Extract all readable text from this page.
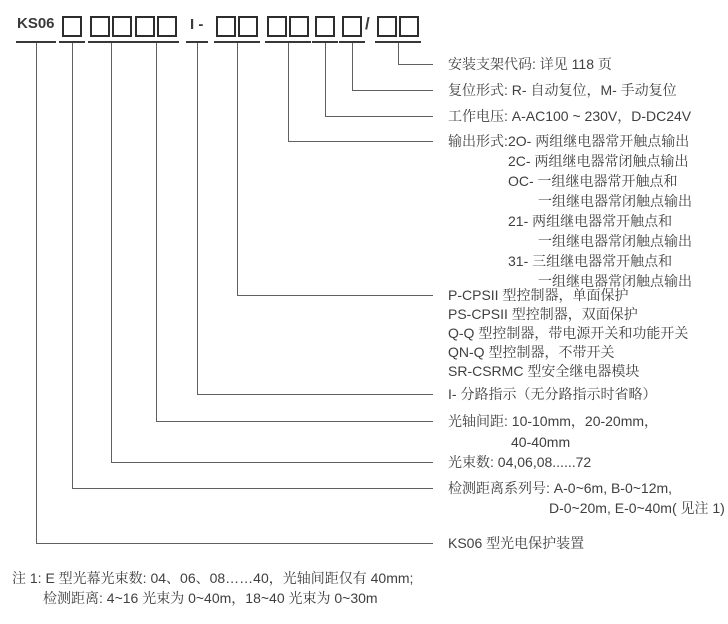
KS06	I -	/
安装支架代码: 详见 118 页
复位形式: R- 自动复位，M- 手动复位
工作电压: A-AC100 ~ 230V，D-DC24V
输出形式: 2O- 两组继电器常开触点输出
2C- 两组继电器常闭触点输出
OC- 一组继电器常开触点和
一组继电器常闭触点输出
21- 两组继电器常开触点和
一组继电器常闭触点输出
31- 三组继电器常开触点和
一组继电器常闭触点输出
P-CPSII 型控制器，单面保护
PS-CPSII 型控制器，双面保护
Q-Q 型控制器，带电源开关和功能开关
QN-Q 型控制器，不带开关
SR-CSRMC 型安全继电器模块
I- 分路指示（无分路指示时省略）
光轴间距: 10-10mm，20-20mm，
40-40mm
光束数: 04,06,08......72
检测距离系列号: A-0~6m, B-0~12m,
D-0~20m, E-0~40m( 见注 1)
KS06 型光电保护装置
注 1: E 型光幕光束数: 04、06、08……40，光轴间距仅有 40mm;
检测距离: 4~16 光束为 0~40m，18~40 光束为 0~30m
